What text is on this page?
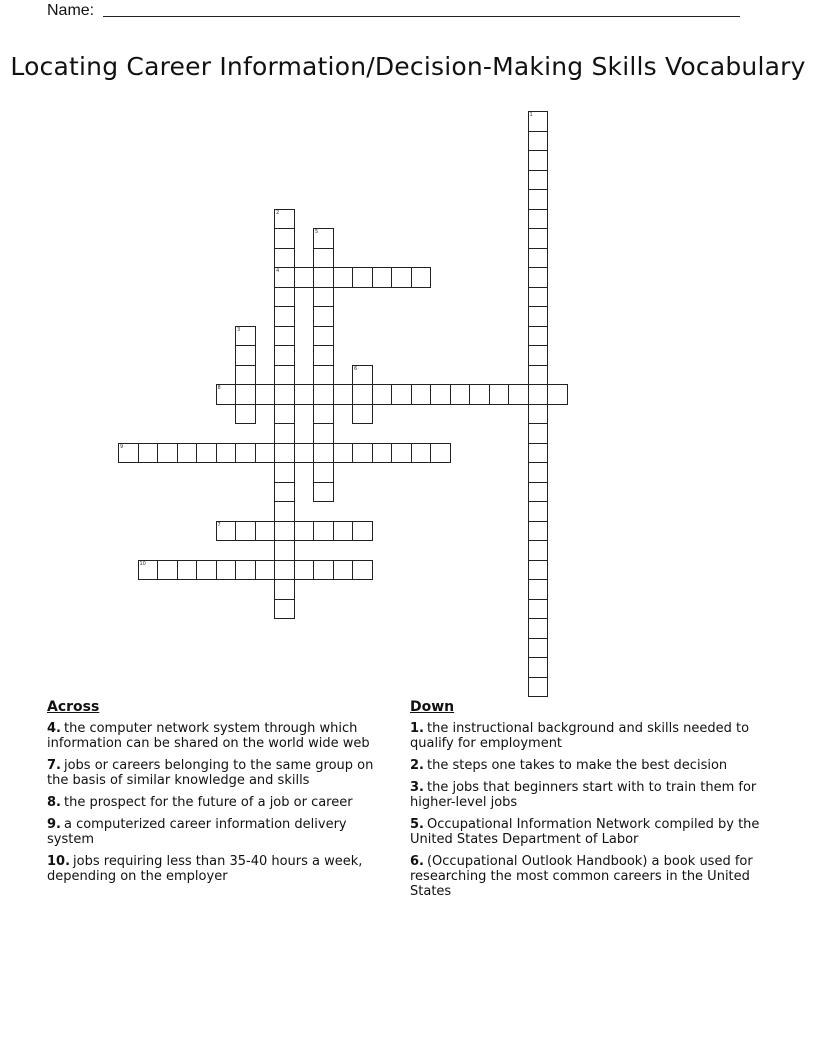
Name:
Locating Career Information/Decision-Making Skills Vocabulary
1
2
4
3
5
6
7
8
9
10
Across
4. the computer network system through which information can be shared on the world wide web
7. jobs or careers belonging to the same group on the basis of similar knowledge and skills
8. the prospect for the future of a job or career
9. a computerized career information delivery system
10. jobs requiring less than 35-40 hours a week, depending on the employer
Down
1. the instructional background and skills needed to qualify for employment
2. the steps one takes to make the best decision
3. the jobs that beginners start with to train them for higher-level jobs
5. Occupational Information Network compiled by the United States Department of Labor
6. (Occupational Outlook Handbook) a book used for researching the most common careers in the United States
